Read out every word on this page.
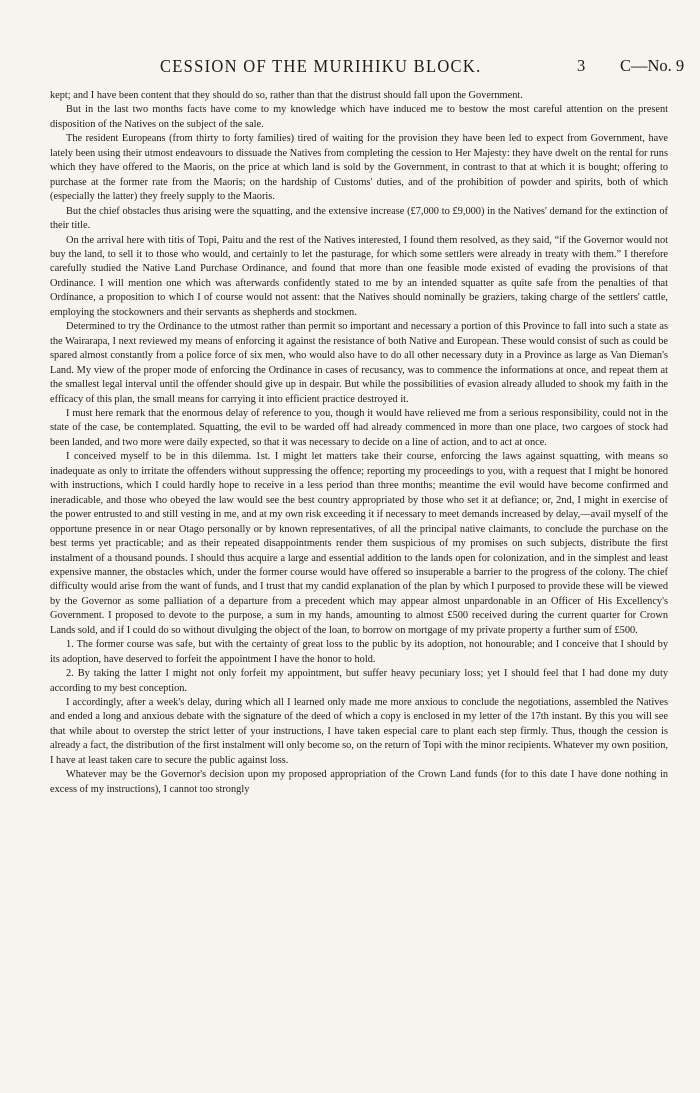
CESSION OF THE MURIHIKU BLOCK.	3 C—No. 9

kept; and I have been content that they should do so, rather than that the distrust should fall upon the Government.

But in the last two months facts have come to my knowledge which have induced me to bestow the most careful attention on the present disposition of the Natives on the subject of the sale.

The resident Europeans (from thirty to forty families) tired of waiting for the provision they have been led to expect from Government, have lately been using their utmost endeavours to dissuade the Natives from completing the cession to Her Majesty: they have dwelt on the rental for runs which they have offered to the Maoris, on the price at which land is sold by the Government, in contrast to that at which it is bought; offering to purchase at the former rate from the Maoris; on the hardship of Customs' duties, and of the prohibition of powder and spirits, both of which (especially the latter) they freely supply to the Maoris.

But the chief obstacles thus arising were the squatting, and the extensive increase (£7,000 to £9,000) in the Natives' demand for the extinction of their title.

On the arrival here with titis of Topi, Paitu and the rest of the Natives interested, I found them resolved, as they said, “if the Governor would not buy the land, to sell it to those who would, and certainly to let the pasturage, for which some settlers were already in treaty with them.” I therefore carefully studied the Native Land Purchase Ordinance, and found that more than one feasible mode existed of evading the provisions of that Ordinance. I will mention one which was afterwards confidently stated to me by an intended squatter as quite safe from the penalties of that Ordinance, a proposition to which I of course would not assent: that the Natives should nominally be graziers, taking charge of the settlers' cattle, employing the stockowners and their servants as shepherds and stockmen.

Determined to try the Ordinance to the utmost rather than permit so important and necessary a portion of this Province to fall into such a state as the Wairarapa, I next reviewed my means of enforcing it against the resistance of both Native and European. These would consist of such as could be spared almost constantly from a police force of six men, who would also have to do all other necessary duty in a Province as large as Van Dieman's Land. My view of the proper mode of enforcing the Ordinance in cases of recusancy, was to commence the informations at once, and repeat them at the smallest legal interval until the offender should give up in despair. But while the possibilities of evasion already alluded to shook my faith in the efficacy of this plan, the small means for carrying it into efficient practice destroyed it.

I must here remark that the enormous delay of reference to you, though it would have relieved me from a serious responsibility, could not in the state of the case, be contemplated. Squatting, the evil to be warded off had already commenced in more than one place, two cargoes of stock had been landed, and two more were daily expected, so that it was necessary to decide on a line of action, and to act at once.

I conceived myself to be in this dilemma. 1st. I might let matters take their course, enforcing the laws against squatting, with means so inadequate as only to irritate the offenders without suppressing the offence; reporting my proceedings to you, with a request that I might be honored with instructions, which I could hardly hope to receive in a less period than three months; meantime the evil would have become confirmed and ineradicable, and those who obeyed the law would see the best country appropriated by those who set it at defiance; or, 2nd, I might in exercise of the power entrusted to and still vesting in me, and at my own risk exceeding it if necessary to meet demands increased by delay,—avail myself of the opportune presence in or near Otago personally or by known representatives, of all the principal native claimants, to conclude the purchase on the best terms yet practicable; and as their repeated disappointments render them suspicious of my promises on such subjects, distribute the first instalment of a thousand pounds. I should thus acquire a large and essential addition to the lands open for colonization, and in the simplest and least expensive manner, the obstacles which, under the former course would have offered so insuperable a barrier to the progress of the colony. The chief difficulty would arise from the want of funds, and I trust that my candid explanation of the plan by which I purposed to provide these will be viewed by the Governor as some palliation of a departure from a precedent which may appear almost unpardonable in an Officer of His Excellency's Government. I proposed to devote to the purpose, a sum in my hands, amounting to almost £500 received during the current quarter for Crown Lands sold, and if I could do so without divulging the object of the loan, to borrow on mortgage of my private property a further sum of £500.

1. The former course was safe, but with the certainty of great loss to the public by its adoption, not honourable; and I conceive that I should by its adoption, have deserved to forfeit the appointment I have the honor to hold.

2. By taking the latter I might not only forfeit my appointment, but suffer heavy pecuniary loss; yet I should feel that I had done my duty according to my best conception.

I accordingly, after a week's delay, during which all I learned only made me more anxious to conclude the negotiations, assembled the Natives and ended a long and anxious debate with the signature of the deed of which a copy is enclosed in my letter of the 17th instant. By this you will see that while about to overstep the strict letter of your instructions, I have taken especial care to plant each step firmly. Thus, though the cession is already a fact, the distribution of the first instalment will only become so, on the return of Topi with the minor recipients. Whatever my own position, I have at least taken care to secure the public against loss.

Whatever may be the Governor's decision upon my proposed appropriation of the Crown Land funds (for to this date I have done nothing in excess of my instructions), I cannot too strongly
